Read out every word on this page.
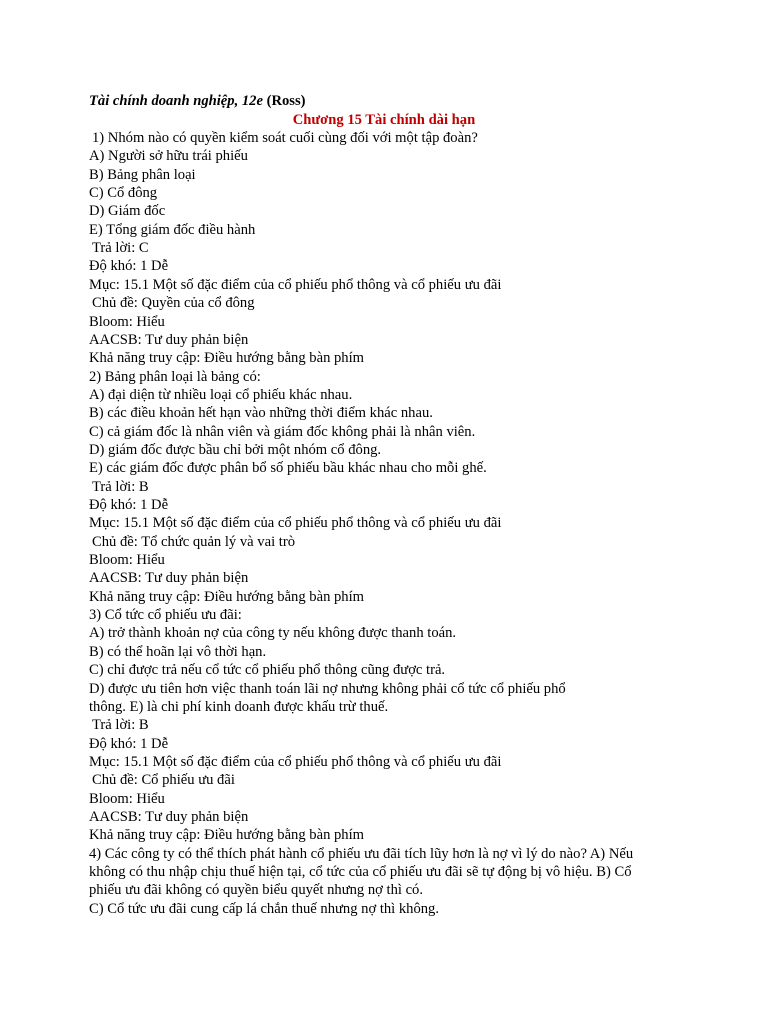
Tài chính doanh nghiệp, 12e (Ross)
Chương 15 Tài chính dài hạn
1) Nhóm nào có quyền kiểm soát cuối cùng đối với một tập đoàn?
A) Người sở hữu trái phiếu
B) Bảng phân loại
C) Cổ đông
D) Giám đốc
E) Tổng giám đốc điều hành
Trả lời: C
Độ khó: 1 Dễ
Mục: 15.1 Một số đặc điểm của cổ phiếu phổ thông và cổ phiếu ưu đãi
Chủ đề: Quyền của cổ đông
Bloom: Hiểu
AACSB: Tư duy phản biện
Khả năng truy cập: Điều hướng bằng bàn phím
2) Bảng phân loại là bảng có:
A) đại diện từ nhiều loại cổ phiếu khác nhau.
B) các điều khoản hết hạn vào những thời điểm khác nhau.
C) cả giám đốc là nhân viên và giám đốc không phải là nhân viên.
D) giám đốc được bầu chỉ bởi một nhóm cổ đông.
E) các giám đốc được phân bổ số phiếu bầu khác nhau cho mỗi ghế.
Trả lời: B
Độ khó: 1 Dễ
Mục: 15.1 Một số đặc điểm của cổ phiếu phổ thông và cổ phiếu ưu đãi
Chủ đề: Tổ chức quản lý và vai trò
Bloom: Hiểu
AACSB: Tư duy phản biện
Khả năng truy cập: Điều hướng bằng bàn phím
3) Cổ tức cổ phiếu ưu đãi:
A) trở thành khoản nợ của công ty nếu không được thanh toán.
B) có thể hoãn lại vô thời hạn.
C) chỉ được trả nếu cổ tức cổ phiếu phổ thông cũng được trả.
D) được ưu tiên hơn việc thanh toán lãi nợ nhưng không phải cổ tức cổ phiếu phổ
thông. E) là chi phí kinh doanh được khấu trừ thuế.
Trả lời: B
Độ khó: 1 Dễ
Mục: 15.1 Một số đặc điểm của cổ phiếu phổ thông và cổ phiếu ưu đãi
Chủ đề: Cổ phiếu ưu đãi
Bloom: Hiểu
AACSB: Tư duy phản biện
Khả năng truy cập: Điều hướng bằng bàn phím
4) Các công ty có thể thích phát hành cổ phiếu ưu đãi tích lũy hơn là nợ vì lý do nào? A) Nếu
không có thu nhập chịu thuế hiện tại, cổ tức của cổ phiếu ưu đãi sẽ tự động bị vô hiệu. B) Cổ
phiếu ưu đãi không có quyền biểu quyết nhưng nợ thì có.
C) Cổ tức ưu đãi cung cấp lá chắn thuế nhưng nợ thì không.
